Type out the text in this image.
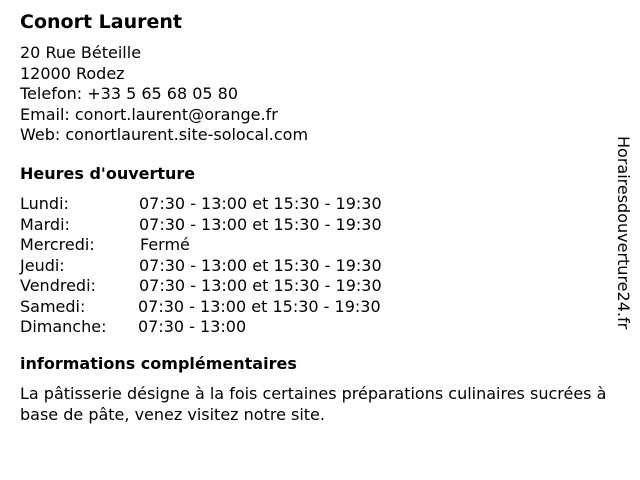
Conort Laurent
20 Rue Béteille
12000 Rodez
Telefon: +33 5 65 68 05 80
Email: conort.laurent@orange.fr
Web: conortlaurent.site-solocal.com
Heures d'ouverture
Lundi:	07:30 - 13:00 et 15:30 - 19:30
Mardi:	07:30 - 13:00 et 15:30 - 19:30
Mercredi:	Fermé
Jeudi:	07:30 - 13:00 et 15:30 - 19:30
Vendredi:	07:30 - 13:00 et 15:30 - 19:30
Samedi:	07:30 - 13:00 et 15:30 - 19:30
Dimanche: 07:30 - 13:00
informations complémentaires
La pâtisserie désigne à la fois certaines préparations culinaires sucrées à base de pâte, venez visitez notre site.
Horairesdouverture24.fr
